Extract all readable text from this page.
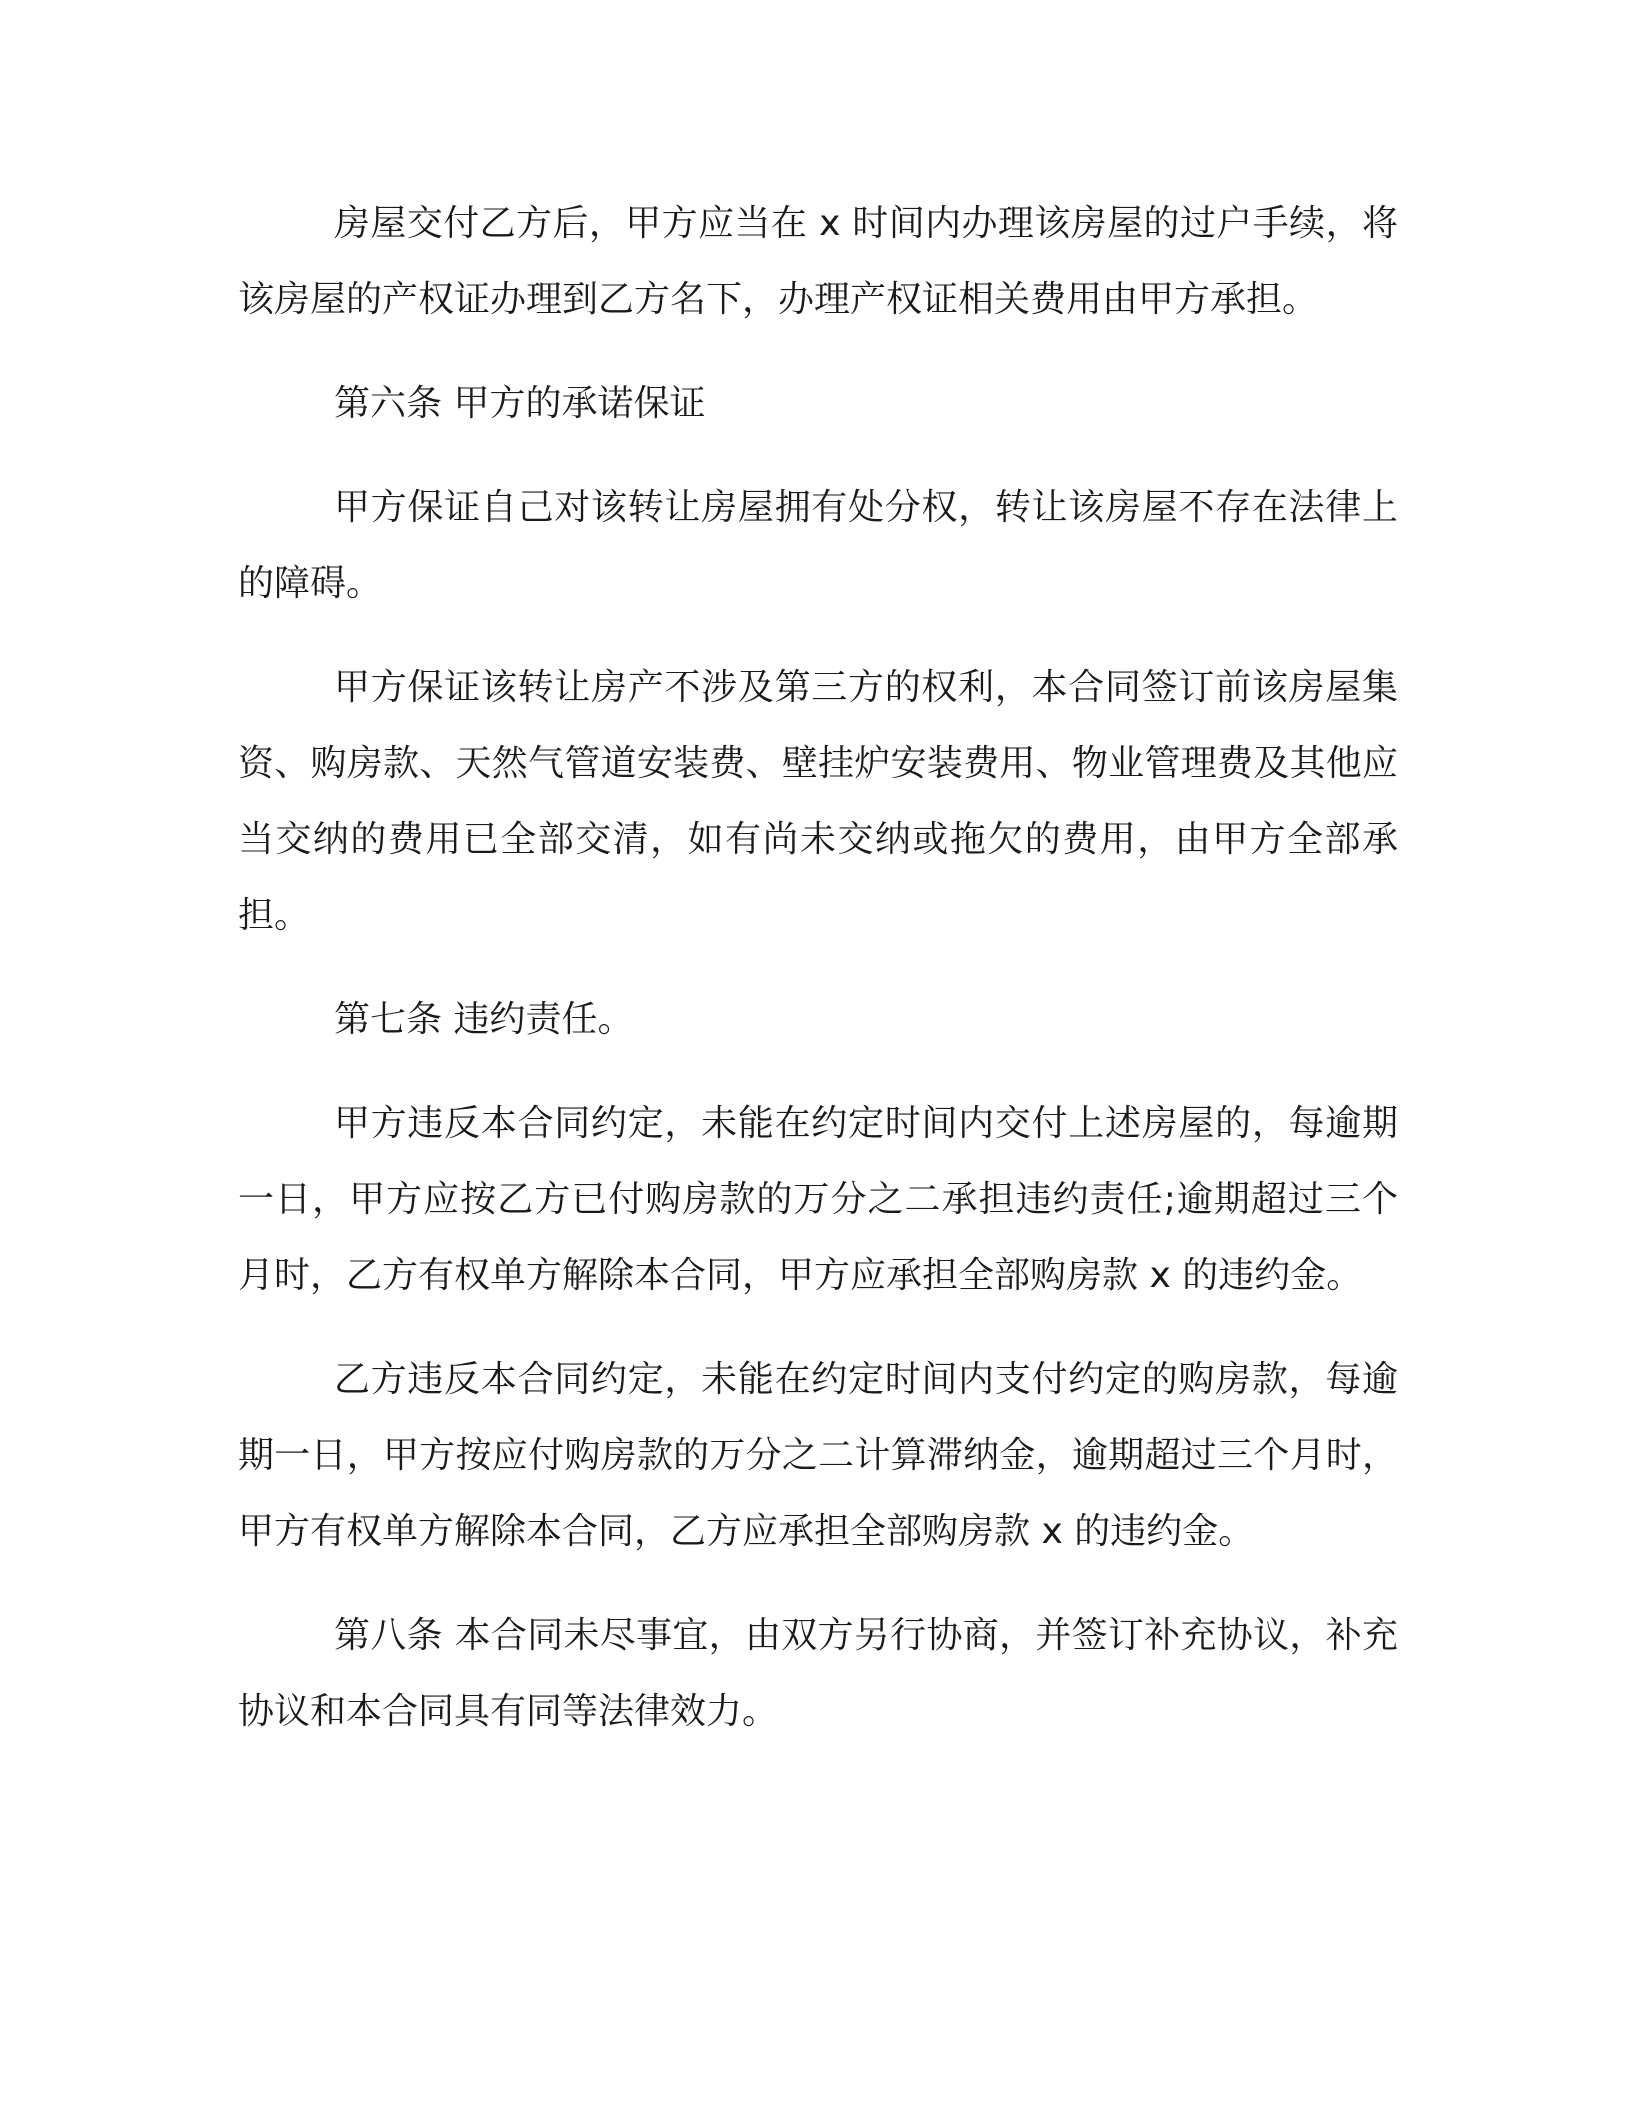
房屋交付乙方后，甲方应当在 x 时间内办理该房屋的过户手续，将该房屋的产权证办理到乙方名下，办理产权证相关费用由甲方承担。

第六条 甲方的承诺保证

甲方保证自己对该转让房屋拥有处分权，转让该房屋不存在法律上的障碍。

甲方保证该转让房产不涉及第三方的权利，本合同签订前该房屋集资、购房款、天然气管道安装费、壁挂炉安装费用、物业管理费及其他应当交纳的费用已全部交清，如有尚未交纳或拖欠的费用，由甲方全部承担。

第七条 违约责任。

甲方违反本合同约定，未能在约定时间内交付上述房屋的，每逾期一日，甲方应按乙方已付购房款的万分之二承担违约责任;逾期超过三个月时，乙方有权单方解除本合同，甲方应承担全部购房款 x 的违约金。

乙方违反本合同约定，未能在约定时间内支付约定的购房款，每逾期一日，甲方按应付购房款的万分之二计算滞纳金，逾期超过三个月时，甲方有权单方解除本合同，乙方应承担全部购房款 x 的违约金。

第八条 本合同未尽事宜，由双方另行协商，并签订补充协议，补充协议和本合同具有同等法律效力。
